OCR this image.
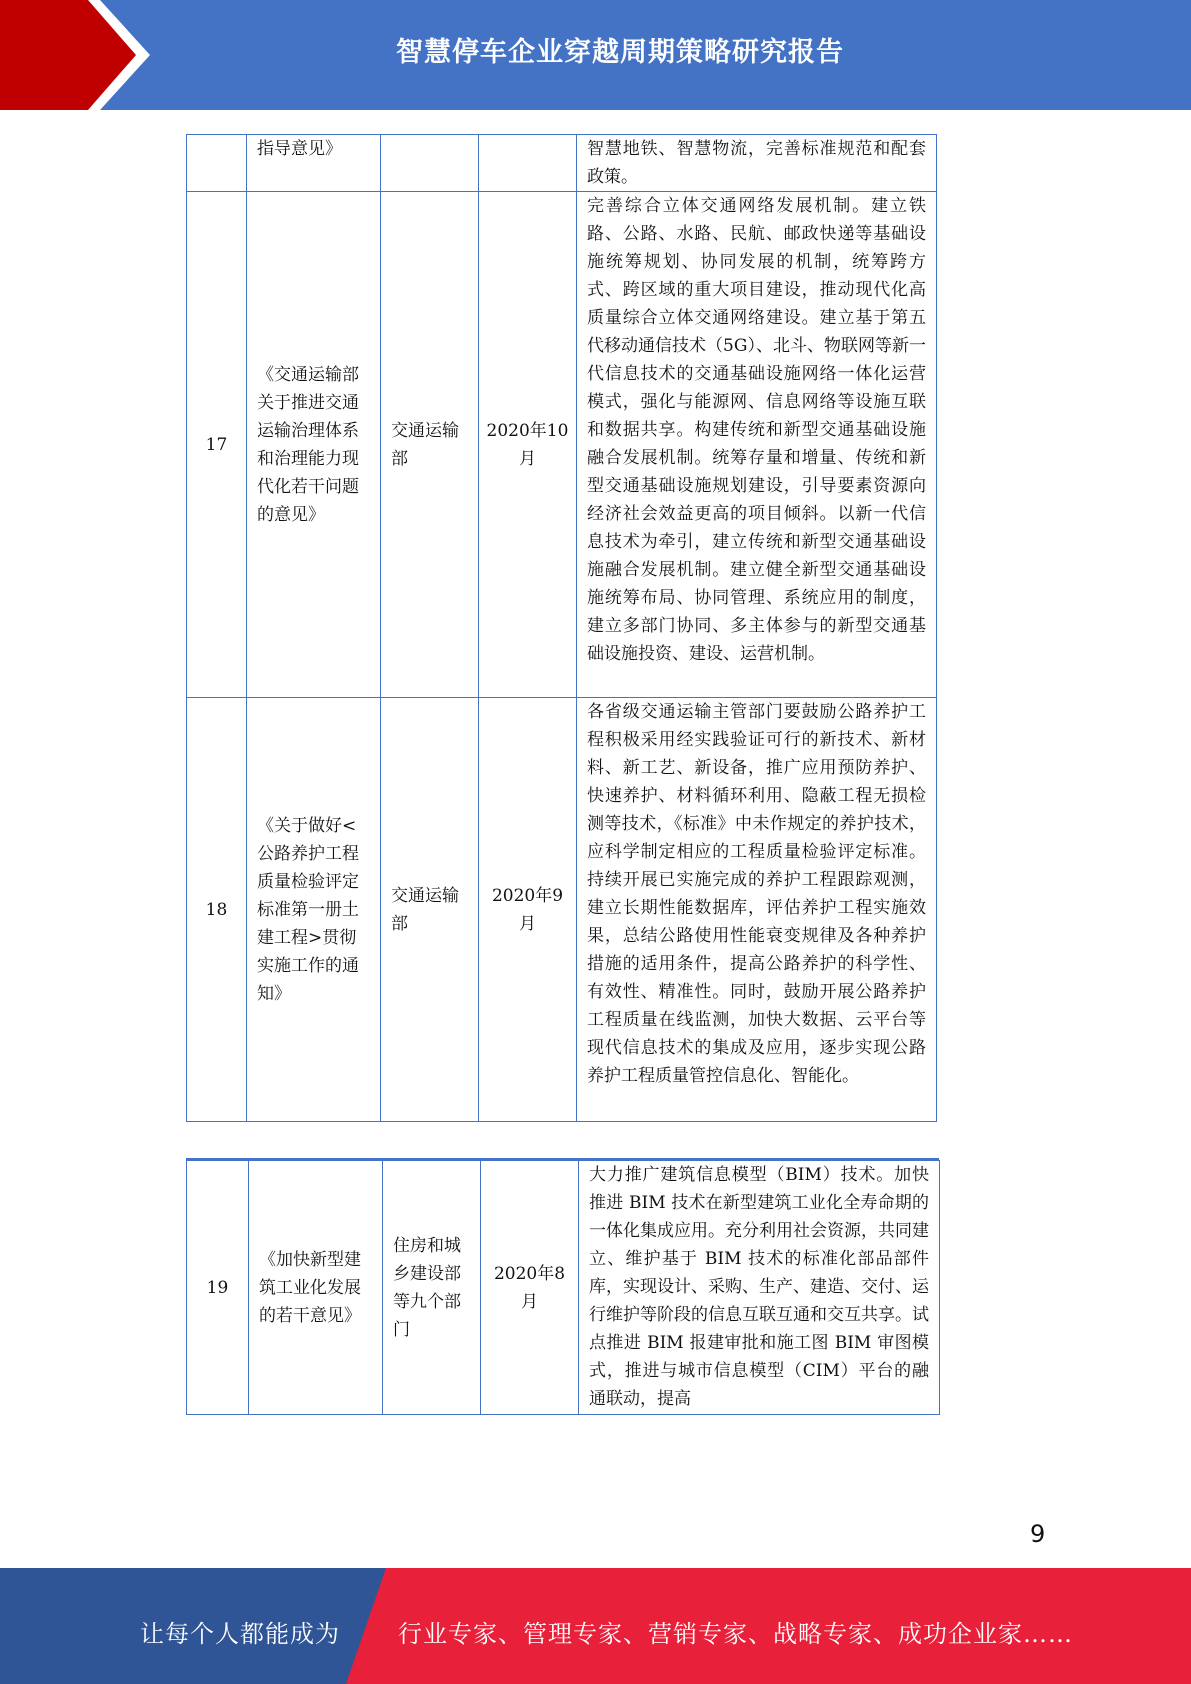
智慧停车企业穿越周期策略研究报告
	指导意见》			智慧地铁、智慧物流，完善标准规范和配套政策。
17	《交通运输部关于推进交通运输治理体系和治理能力现代化若干问题的意见》	交通运输部	2020年10月	完善综合立体交通网络发展机制。建立铁路、公路、水路、民航、邮政快递等基础设施统筹规划、协同发展的机制，统筹跨方式、跨区域的重大项目建设，推动现代化高质量综合立体交通网络建设。建立基于第五代移动通信技术（5G）、北斗、物联网等新一代信息技术的交通基础设施网络一体化运营模式，强化与能源网、信息网络等设施互联和数据共享。构建传统和新型交通基础设施融合发展机制。统筹存量和增量、传统和新型交通基础设施规划建设，引导要素资源向经济社会效益更高的项目倾斜。以新一代信息技术为牵引，建立传统和新型交通基础设施融合发展机制。建立健全新型交通基础设施统筹布局、协同管理、系统应用的制度，建立多部门协同、多主体参与的新型交通基础设施投资、建设、运营机制。
18	《关于做好<公路养护工程质量检验评定标准第一册土建工程>贯彻实施工作的通知》	交通运输部	2020年9月	各省级交通运输主管部门要鼓励公路养护工程积极采用经实践验证可行的新技术、新材料、新工艺、新设备，推广应用预防养护、快速养护、材料循环利用、隐蔽工程无损检测等技术，《标准》中未作规定的养护技术，应科学制定相应的工程质量检验评定标准。持续开展已实施完成的养护工程跟踪观测，建立长期性能数据库，评估养护工程实施效果，总结公路使用性能衰变规律及各种养护措施的适用条件，提高公路养护的科学性、有效性、精准性。同时，鼓励开展公路养护工程质量在线监测，加快大数据、云平台等现代信息技术的集成及应用，逐步实现公路养护工程质量管控信息化、智能化。
19	《加快新型建筑工业化发展的若干意见》	住房和城乡建设部等九个部门	2020年8月	大力推广建筑信息模型（BIM）技术。加快推进 BIM 技术在新型建筑工业化全寿命期的一体化集成应用。充分利用社会资源，共同建立、维护基于 BIM 技术的标准化部品部件库，实现设计、采购、生产、建造、交付、运行维护等阶段的信息互联互通和交互共享。试点推进 BIM 报建审批和施工图 BIM 审图模式，推进与城市信息模型（CIM）平台的融通联动，提高
9
让每个人都能成为 行业专家、管理专家、营销专家、战略专家、成功企业家……
